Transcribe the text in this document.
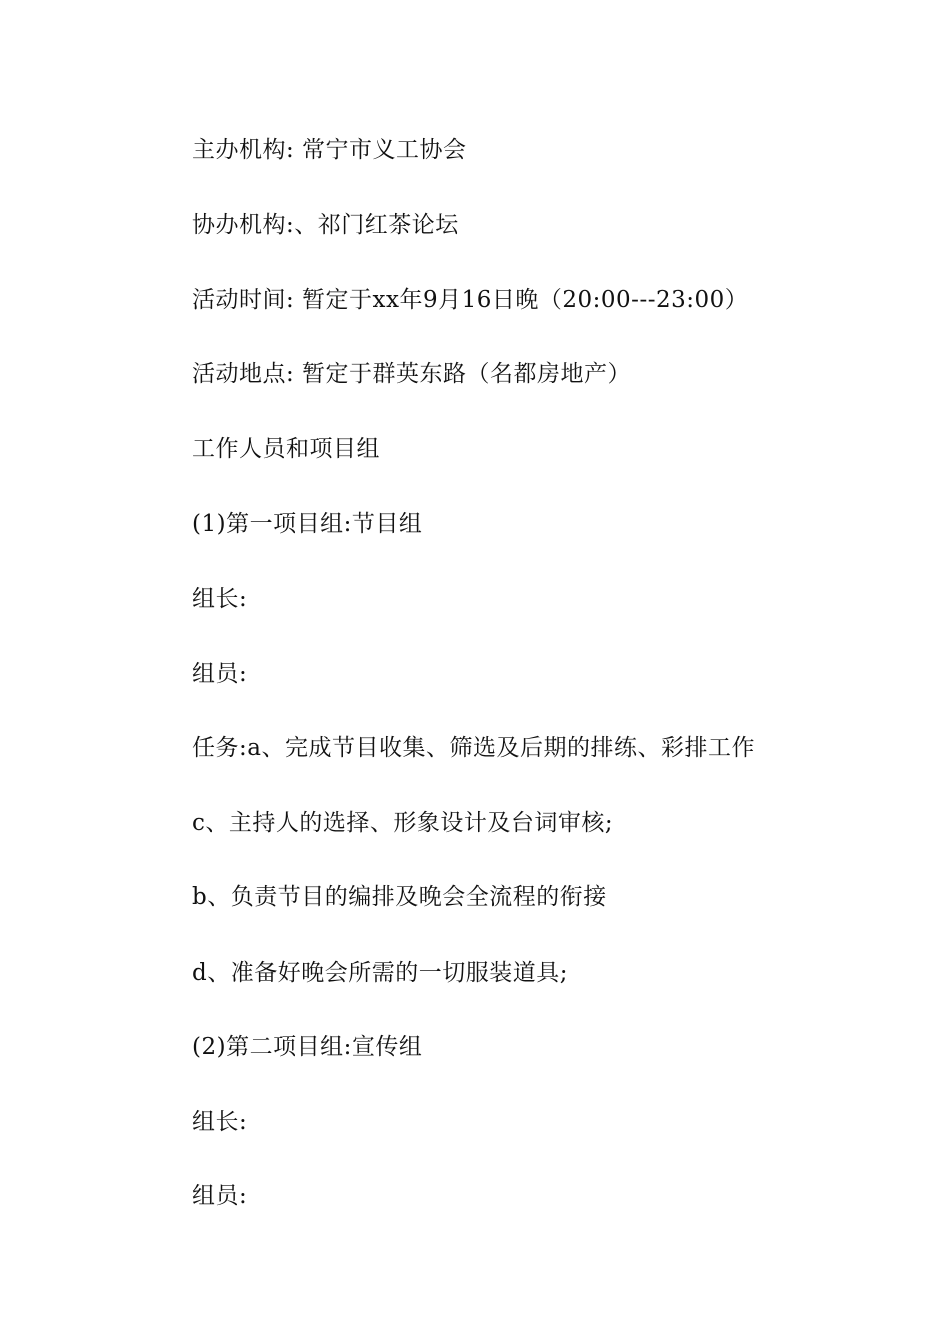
主办机构: 常宁市义工协会
协办机构:、祁门红茶论坛
活动时间: 暂定于xx年9月16日晚（20:00---23:00）
活动地点: 暂定于群英东路（名都房地产）
工作人员和项目组
(1)第一项目组:节目组
组长:
组员:
任务:a、完成节目收集、筛选及后期的排练、彩排工作
c、主持人的选择、形象设计及台词审核;
b、负责节目的编排及晚会全流程的衔接
d、准备好晚会所需的一切服装道具;
(2)第二项目组:宣传组
组长:
组员:
